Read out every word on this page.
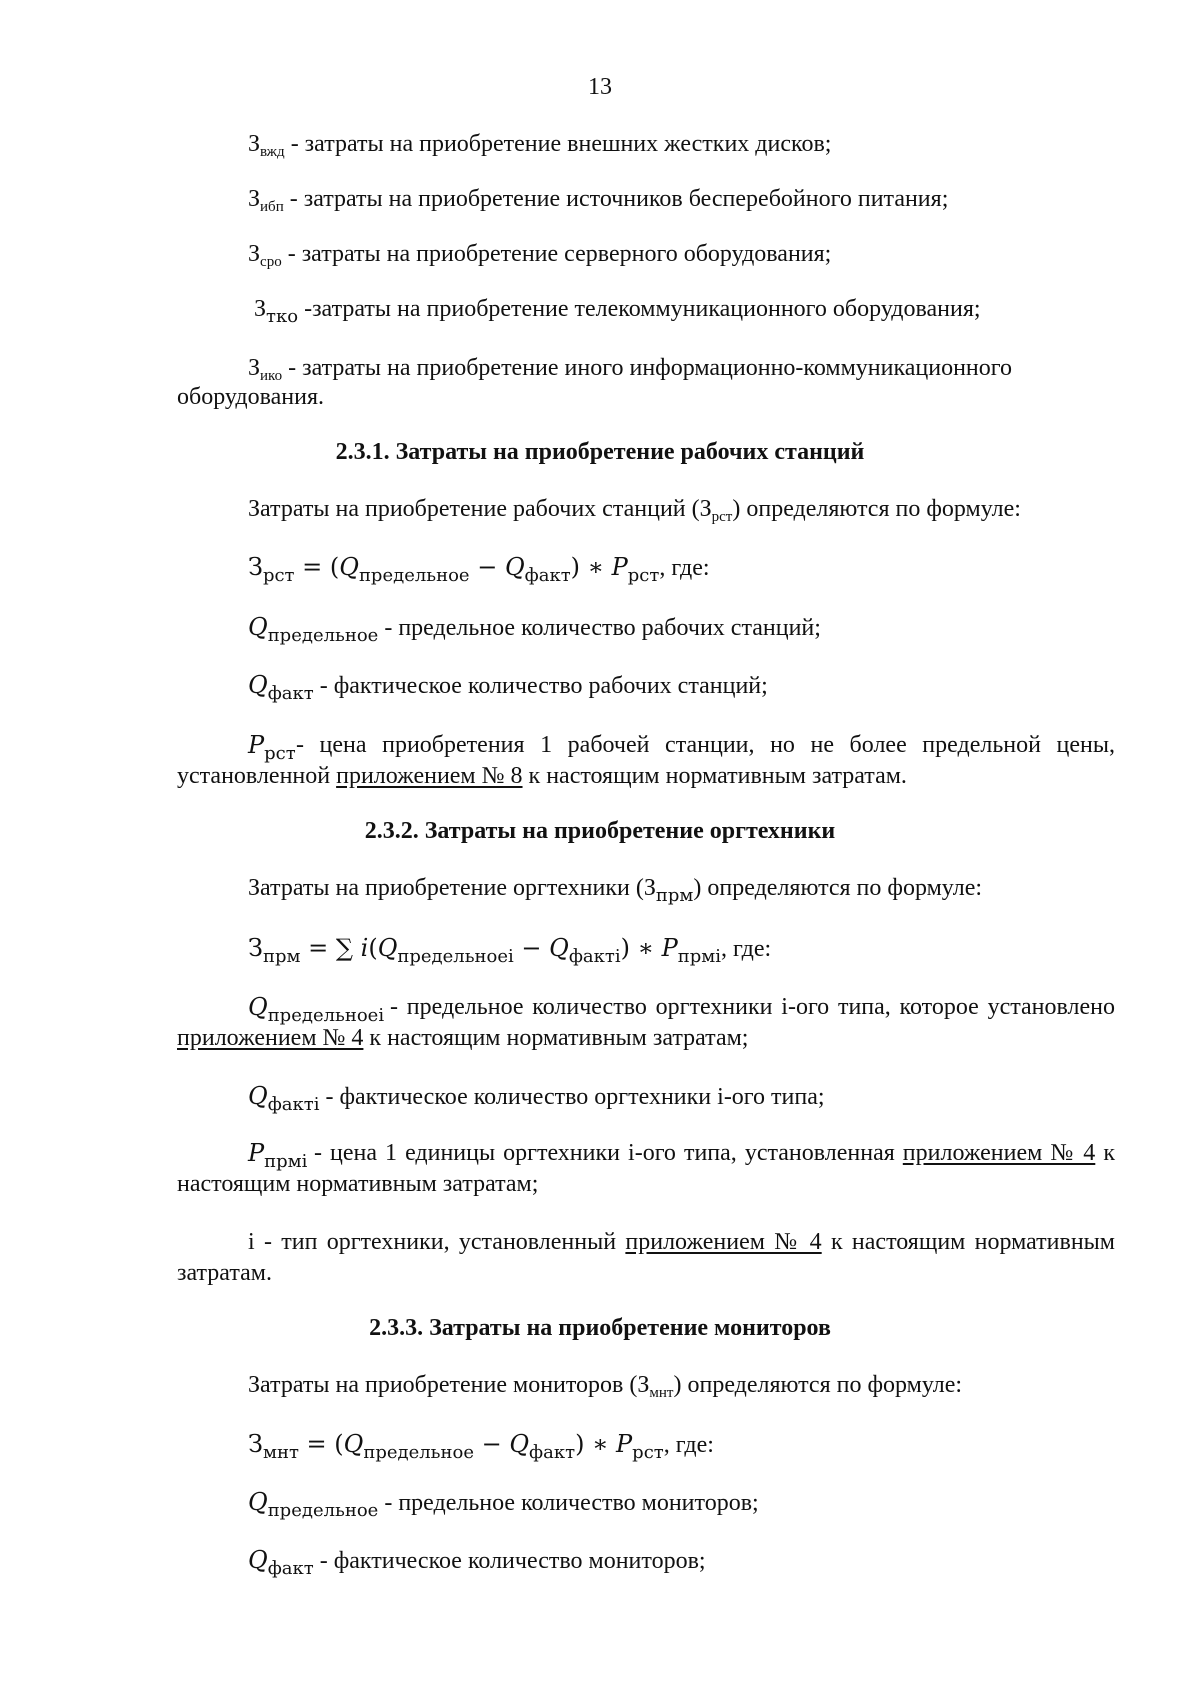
13
$З_{вжд}$ - затраты на приобретение внешних жестких дисков;
$З_{ибп}$ - затраты на приобретение источников бесперебойного питания;
$З_{сро}$ - затраты на приобретение серверного оборудования;
$З_{тко}$ -затраты на приобретение телекоммуникационного оборудования;
$З_{ико}$ - затраты на приобретение иного информационно-коммуникационного
оборудования.
2.3.1. Затраты на приобретение рабочих станций
Затраты на приобретение рабочих станций $(З_{рст})$ определяются по формуле:
$З_{рст} = (Q_{предельное} - Q_{факт})$ ∗ $P_{рст}$, где:
$Q_{предельное}$ - предельное количество рабочих станций;
$Q_{факт}$ - фактическое количество рабочих станций;
$P_{рст}$ - цена приобретения 1 рабочей станции, но не более предельной цены,
установленной приложением № 8 к настоящим нормативным затратам.
2.3.2. Затраты на приобретение оргтехники
Затраты на приобретение оргтехники $(З_{прм})$ определяются по формуле:
$З_{прм}$ = ∑ $i(Q_{предельноеi} - Q_{фактi})$ ∗ $P_{прмi}$, где:
$Q_{предельноеi}$ - предельное количество оргтехники i-ого типа, которое установлено
приложением № 4 к настоящим нормативным затратам;
$Q_{фактi}$ - фактическое количество оргтехники i-ого типа;
$P_{прмi}$ - цена 1 единицы оргтехники i-ого типа, установленная приложением № 4 к
настоящим нормативным затратам;
i - тип оргтехники, установленный приложением № 4 к настоящим нормативным
затратам.
2.3.3. Затраты на приобретение мониторов
Затраты на приобретение мониторов $(З_{мнт})$ определяются по формуле:
$З_{мнт} = (Q_{предельное} - Q_{факт})$ ∗ $P_{рст}$, где:
$Q_{предельное}$ - предельное количество мониторов;
$Q_{факт}$ - фактическое количество мониторов;
